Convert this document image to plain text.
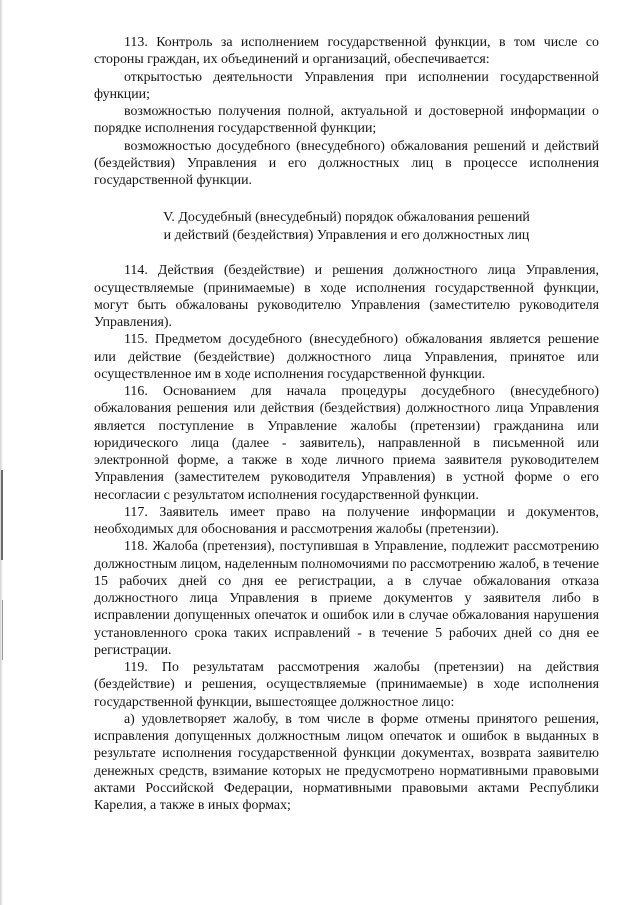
113. Контроль за исполнением государственной функции, в том числе со стороны граждан, их объединений и организаций, обеспечивается:

открытостью деятельности Управления при исполнении государственной функции;

возможностью получения полной, актуальной и достоверной информации о порядке исполнения государственной функции;

возможностью досудебного (внесудебного) обжалования решений и действий (бездействия) Управления и его должностных лиц в процессе исполнения государственной функции.

V. Досудебный (внесудебный) порядок обжалования решений
и действий (бездействия) Управления и его должностных лиц

114. Действия (бездействие) и решения должностного лица Управления, осуществляемые (принимаемые) в ходе исполнения государственной функции, могут быть обжалованы руководителю Управления (заместителю руководителя Управления).

115. Предметом досудебного (внесудебного) обжалования является решение или действие (бездействие) должностного лица Управления, принятое или осуществленное им в ходе исполнения государственной функции.

116. Основанием для начала процедуры досудебного (внесудебного) обжалования решения или действия (бездействия) должностного лица Управления является поступление в Управление жалобы (претензии) гражданина или юридического лица (далее - заявитель), направленной в письменной или электронной форме, а также в ходе личного приема заявителя руководителем Управления (заместителем руководителя Управления) в устной форме о его несогласии с результатом исполнения государственной функции.

117. Заявитель имеет право на получение информации и документов, необходимых для обоснования и рассмотрения жалобы (претензии).

118. Жалоба (претензия), поступившая в Управление, подлежит рассмотрению должностным лицом, наделенным полномочиями по рассмотрению жалоб, в течение 15 рабочих дней со дня ее регистрации, а в случае обжалования отказа должностного лица Управления в приеме документов у заявителя либо в исправлении допущенных опечаток и ошибок или в случае обжалования нарушения установленного срока таких исправлений - в течение 5 рабочих дней со дня ее регистрации.

119. По результатам рассмотрения жалобы (претензии) на действия (бездействие) и решения, осуществляемые (принимаемые) в ходе исполнения государственной функции, вышестоящее должностное лицо:

а) удовлетворяет жалобу, в том числе в форме отмены принятого решения, исправления допущенных должностным лицом опечаток и ошибок в выданных в результате исполнения государственной функции документах, возврата заявителю денежных средств, взимание которых не предусмотрено нормативными правовыми актами Российской Федерации, нормативными правовыми актами Республики Карелия, а также в иных формах;
